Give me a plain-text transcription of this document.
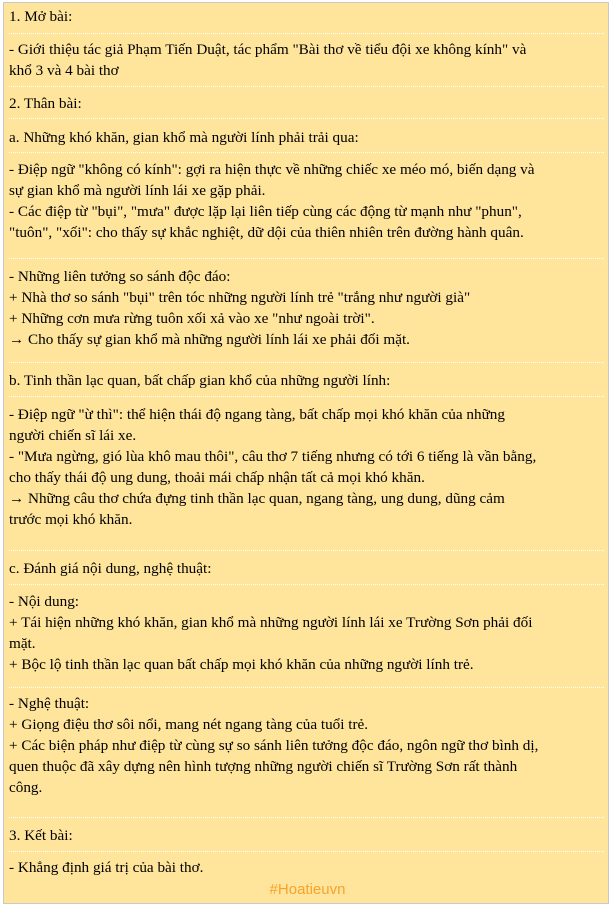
1. Mở bài:

- Giới thiệu tác giả Phạm Tiến Duật, tác phẩm "Bài thơ về tiểu đội xe không kính" và

khổ 3 và 4 bài thơ

2. Thân bài:

a. Những khó khăn, gian khổ mà người lính phải trải qua:

- Điệp ngữ "không có kính": gợi ra hiện thực về những chiếc xe méo mó, biến dạng và

sự gian khổ mà người lính lái xe gặp phải.

- Các điệp từ "bụi", "mưa" được lặp lại liên tiếp cùng các động từ mạnh như "phun",

"tuôn", "xối": cho thấy sự khắc nghiệt, dữ dội của thiên nhiên trên đường hành quân.

- Những liên tưởng so sánh độc đáo:

+ Nhà thơ so sánh "bụi" trên tóc những người lính trẻ "trắng như người già"

+ Những cơn mưa rừng tuôn xối xả vào xe "như ngoài trời".

→ Cho thấy sự gian khổ mà những người lính lái xe phải đối mặt.

b. Tinh thần lạc quan, bất chấp gian khổ của những người lính:

- Điệp ngữ "ừ thì": thể hiện thái độ ngang tàng, bất chấp mọi khó khăn của những

người chiến sĩ lái xe.

- "Mưa ngừng, gió lùa khô mau thôi", câu thơ 7 tiếng nhưng có tới 6 tiếng là vần bằng,

cho thấy thái độ ung dung, thoải mái chấp nhận tất cả mọi khó khăn.

→ Những câu thơ chứa đựng tinh thần lạc quan, ngang tàng, ung dung, dũng cảm

trước mọi khó khăn.

c. Đánh giá nội dung, nghệ thuật:

- Nội dung:

+ Tái hiện những khó khăn, gian khổ mà những người lính lái xe Trường Sơn phải đối

mặt.

+ Bộc lộ tinh thần lạc quan bất chấp mọi khó khăn của những người lính trẻ.

- Nghệ thuật:

+ Giọng điệu thơ sôi nổi, mang nét ngang tàng của tuổi trẻ.

+ Các biện pháp như điệp từ cùng sự so sánh liên tưởng độc đáo, ngôn ngữ thơ bình dị,

quen thuộc đã xây dựng nên hình tượng những người chiến sĩ Trường Sơn rất thành

công.

3. Kết bài:

- Khẳng định giá trị của bài thơ.

#Hoatieuvn
